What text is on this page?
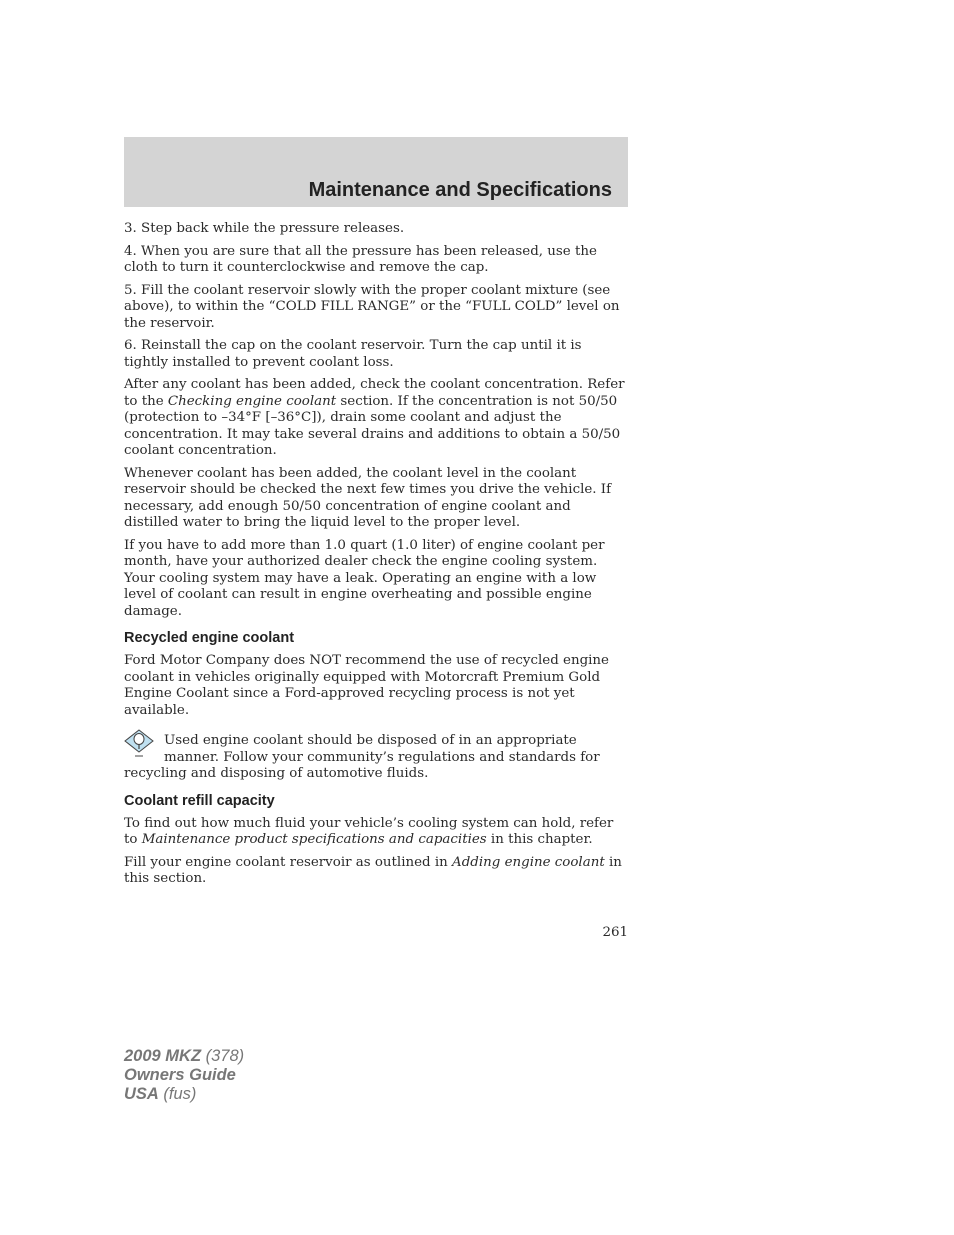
Maintenance and Specifications

3. Step back while the pressure releases.

4. When you are sure that all the pressure has been released, use the cloth to turn it counterclockwise and remove the cap.

5. Fill the coolant reservoir slowly with the proper coolant mixture (see above), to within the “COLD FILL RANGE” or the “FULL COLD” level on the reservoir.

6. Reinstall the cap on the coolant reservoir. Turn the cap until it is tightly installed to prevent coolant loss.

After any coolant has been added, check the coolant concentration. Refer to the Checking engine coolant section. If the concentration is not 50/50 (protection to –34°F [–36°C]), drain some coolant and adjust the concentration. It may take several drains and additions to obtain a 50/50 coolant concentration.

Whenever coolant has been added, the coolant level in the coolant reservoir should be checked the next few times you drive the vehicle. If necessary, add enough 50/50 concentration of engine coolant and distilled water to bring the liquid level to the proper level.

If you have to add more than 1.0 quart (1.0 liter) of engine coolant per month, have your authorized dealer check the engine cooling system. Your cooling system may have a leak. Operating an engine with a low level of coolant can result in engine overheating and possible engine damage.

Recycled engine coolant

Ford Motor Company does NOT recommend the use of recycled engine coolant in vehicles originally equipped with Motorcraft Premium Gold Engine Coolant since a Ford-approved recycling process is not yet available.

Used engine coolant should be disposed of in an appropriate manner. Follow your community’s regulations and standards for recycling and disposing of automotive fluids.

Coolant refill capacity

To find out how much fluid your vehicle’s cooling system can hold, refer to Maintenance product specifications and capacities in this chapter.

Fill your engine coolant reservoir as outlined in Adding engine coolant in this section.

261
2009 MKZ (378)
Owners Guide
USA (fus)
